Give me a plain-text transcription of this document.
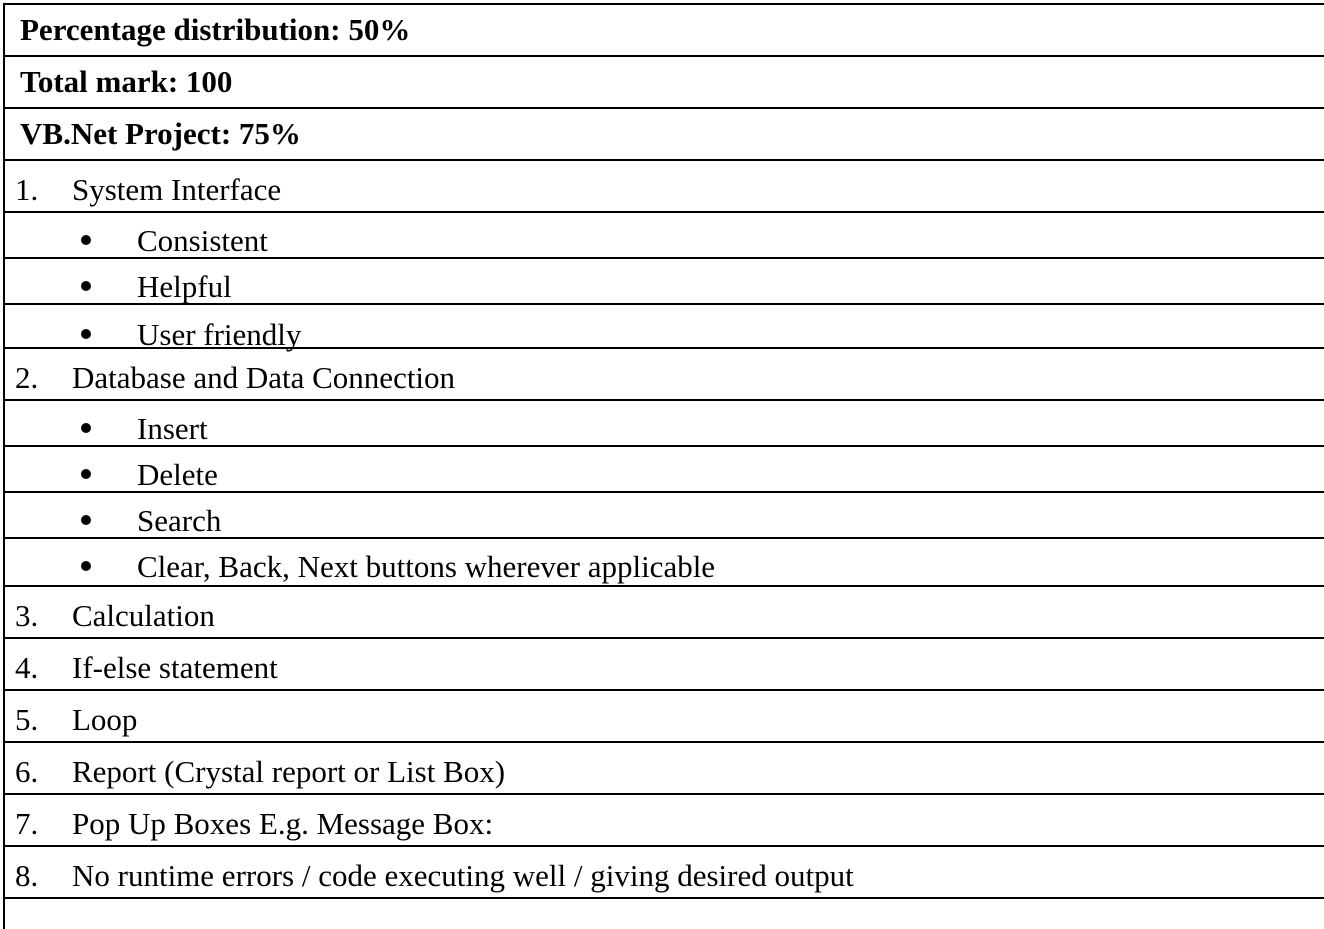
Percentage distribution: 50%
Total mark: 100
VB.Net Project: 75%
1. System Interface
Consistent
Helpful
User friendly
2. Database and Data Connection
Insert
Delete
Search
Clear, Back, Next buttons wherever applicable
3. Calculation
4. If-else statement
5. Loop
6. Report (Crystal report or List Box)
7. Pop Up Boxes E.g. Message Box:
8. No runtime errors / code executing well / giving desired output
